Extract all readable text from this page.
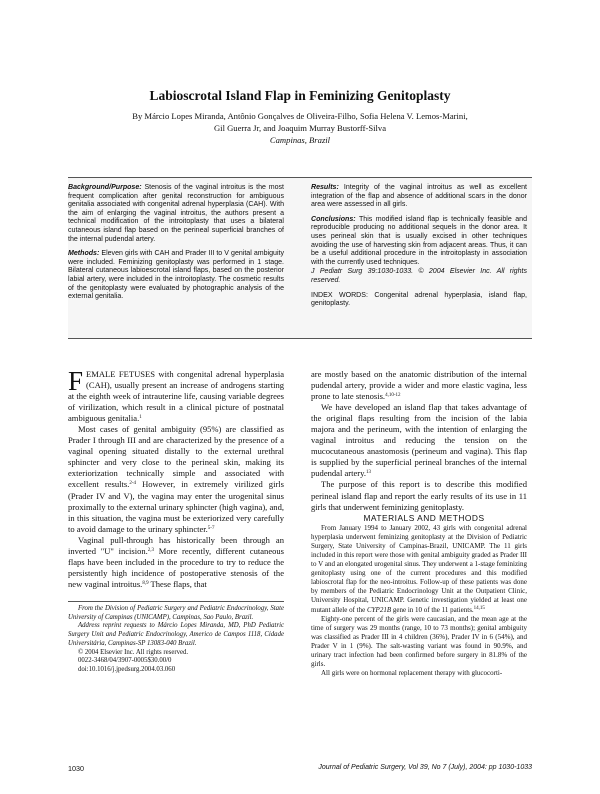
Labioscrotal Island Flap in Feminizing Genitoplasty

By Márcio Lopes Miranda, Antônio Gonçalves de Oliveira-Filho, Sofia Helena V. Lemos-Marini,

Gil Guerra Jr, and Joaquim Murray Bustorff-Silva

Campinas, Brazil

Background/Purpose: Stenosis of the vaginal introitus is the most frequent complication after genital reconstruction for ambiguous genitalia associated with congenital adrenal hyperplasia (CAH). With the aim of enlarging the vaginal introitus, the authors present a technical modification of the introitoplasty that uses a bilateral cutaneous island flap based on the perineal superficial branches of the internal pudendal artery.

Methods: Eleven girls with CAH and Prader III to V genital ambiguity were included. Feminizing genitoplasty was performed in 1 stage. Bilateral cutaneous labioescrotal island flaps, based on the posterior labial artery, were included in the introitoplasty. The cosmetic results of the genitoplasty were evaluated by photographic analysis of the external genitalia.

Results: Integrity of the vaginal introitus as well as excellent integration of the flap and absence of additional scars in the donor area were assessed in all girls.

Conclusions: This modified island flap is technically feasible and reproducible producing no additional sequels in the donor area. It uses perineal skin that is usually excised in other techniques avoiding the use of harvesting skin from adjacent areas. Thus, it can be a useful additional procedure in the introitoplasty in association with the currently used techniques.

J Pediatr Surg 39:1030-1033. © 2004 Elsevier Inc. All rights reserved.

INDEX WORDS: Congenital adrenal hyperplasia, island flap, genitoplasty.

FEMALE FETUSES with congenital adrenal hyperplasia (CAH), usually present an increase of androgens starting at the eighth week of intrauterine life, causing variable degrees of virilization, which result in a clinical picture of postnatal ambiguous genitalia.$^1$

Most cases of genital ambiguity (95%) are classified as Prader I through III and are characterized by the presence of a vaginal opening situated distally to the external urethral sphincter and very close to the perineal skin, making its exteriorization technically simple and associated with excellent results.$^{2-4}$ However, in extremely virilized girls (Prader IV and V), the vagina may enter the urogenital sinus proximally to the external urinary sphincter (high vagina), and, in this situation, the vagina must be exteriorized very carefully to avoid damage to the urinary sphincter.$^{5-7}$

Vaginal pull-through has historically been through an inverted "U" incision.$^{2,3}$ More recently, different cutaneous flaps have been included in the procedure to try to reduce the persistently high incidence of postoperative stenosis of the new vaginal introitus.$^{8,9}$ These flaps, that

are mostly based on the anatomic distribution of the internal pudendal artery, provide a wider and more elastic vagina, less prone to late stenosis.$^{4,10-12}$

We have developed an island flap that takes advantage of the original flaps resulting from the incision of the labia majora and the perineum, with the intention of enlarging the vaginal introitus and reducing the tension on the mucocutaneous anastomosis (perineum and vagina). This flap is supplied by the superficial perineal branches of the internal pudendal artery.$^{13}$

The purpose of this report is to describe this modified perineal island flap and report the early results of its use in 11 girls that underwent feminizing genitoplasty.

MATERIALS AND METHODS

From January 1994 to January 2002, 43 girls with congenital adrenal hyperplasia underwent feminizing genitoplasty at the Division of Pediatric Surgery, State University of Campinas-Brazil, UNICAMP. The 11 girls included in this report were those with genital ambiguity graded as Prader III to V and an elongated urogenital sinus. They underwent a 1-stage feminizing genitoplasty using one of the current procedures and this modified labioscrotal flap for the neo-introitus. Follow-up of these patients was done by members of the Pediatric Endocrinology Unit at the Outpatient Clinic, University Hospital, UNICAMP. Genetic investigation yielded at least one mutant allele of the CYP21B gene in 10 of the 11 patients.$^{14,15}$

Eighty-one percent of the girls were caucasian, and the mean age at the time of surgery was 29 months (range, 10 to 73 months); genital ambiguity was classified as Prader III in 4 children (36%), Prader IV in 6 (54%), and Prader V in 1 (9%). The salt-wasting variant was found in 90.9%, and urinary tract infection had been confirmed before surgery in 81.8% of the girls.

All girls were on hormonal replacement therapy with glucocorti-

From the Division of Pediatric Surgery and Pediatric Endocrinology, State University of Campinas (UNICAMP), Campinas, Sao Paulo, Brazil.

Address reprint requests to Márcio Lopes Miranda, MD, PhD Pediatric Surgery Unit and Pediatric Endocrinology, Americo de Campos 1118, Cidade Universitária, Campinas-SP 13083-040 Brazil.

© 2004 Elsevier Inc. All rights reserved.

0022-3468/04/3907-0005$30.00/0

doi:10.1016/j.jpedsurg.2004.03.060

1030	Journal of Pediatric Surgery, Vol 39, No 7 (July), 2004: pp 1030-1033
